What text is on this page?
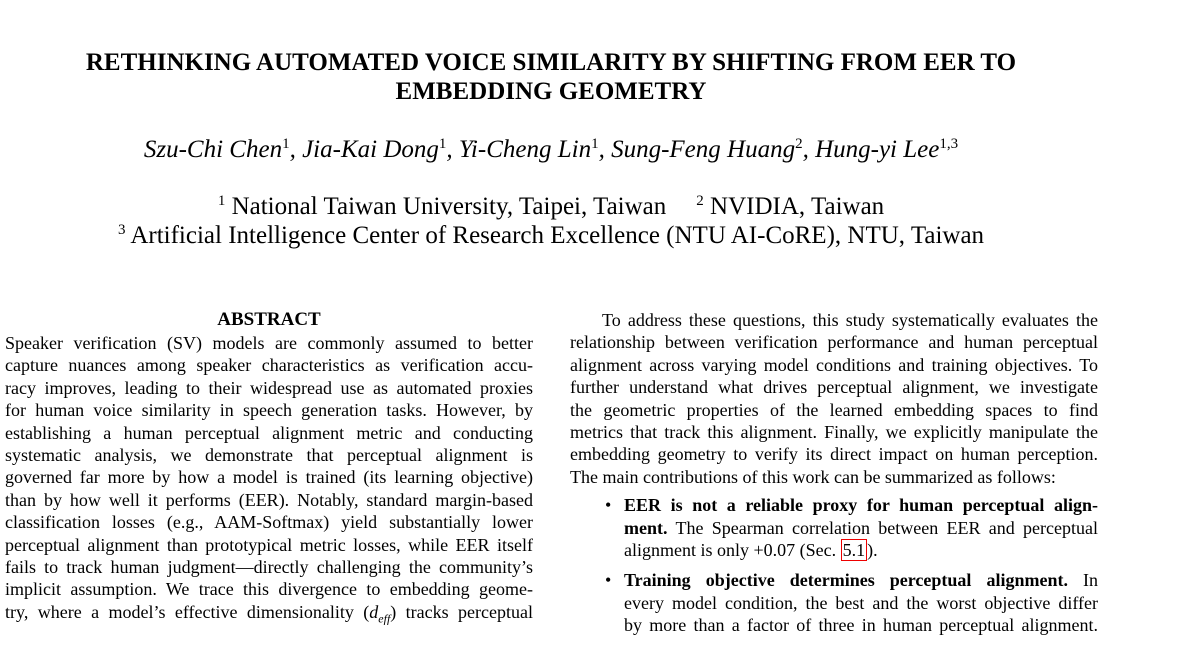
RETHINKING AUTOMATED VOICE SIMILARITY BY SHIFTING FROM EER TO
EMBEDDING GEOMETRY
Szu-Chi Chen$^1$, Jia-Kai Dong$^1$, Yi-Cheng Lin$^1$, Sung-Feng Huang$^2$, Hung-yi Lee$^{1,3}$
$^1$ National Taiwan University, Taipei, Taiwan $^2$ NVIDIA, Taiwan
$^3$ Artificial Intelligence Center of Research Excellence (NTU AI-CoRE), NTU, Taiwan
ABSTRACT
Speaker verification (SV) models are commonly assumed to better
capture nuances among speaker characteristics as verification accu-
racy improves, leading to their widespread use as automated proxies
for human voice similarity in speech generation tasks. However, by
establishing a human perceptual alignment metric and conducting
systematic analysis, we demonstrate that perceptual alignment is
governed far more by how a model is trained (its learning objective)
than by how well it performs (EER). Notably, standard margin-based
classification losses (e.g., AAM-Softmax) yield substantially lower
perceptual alignment than prototypical metric losses, while EER itself
fails to track human judgment—directly challenging the community’s
implicit assumption. We trace this divergence to embedding geome-
try, where a model’s effective dimensionality $(d_{eff})$ tracks perceptual
To address these questions, this study systematically evaluates the
relationship between verification performance and human perceptual
alignment across varying model conditions and training objectives. To
further understand what drives perceptual alignment, we investigate
the geometric properties of the learned embedding spaces to find
metrics that track this alignment. Finally, we explicitly manipulate the
embedding geometry to verify its direct impact on human perception.
The main contributions of this work can be summarized as follows:
• EER is not a reliable proxy for human perceptual align-
ment. The Spearman correlation between EER and perceptual
alignment is only +0.07 (Sec. 5.1 ).
• Training objective determines perceptual alignment. In
every model condition, the best and the worst objective differ
by more than a factor of three in human perceptual alignment.
